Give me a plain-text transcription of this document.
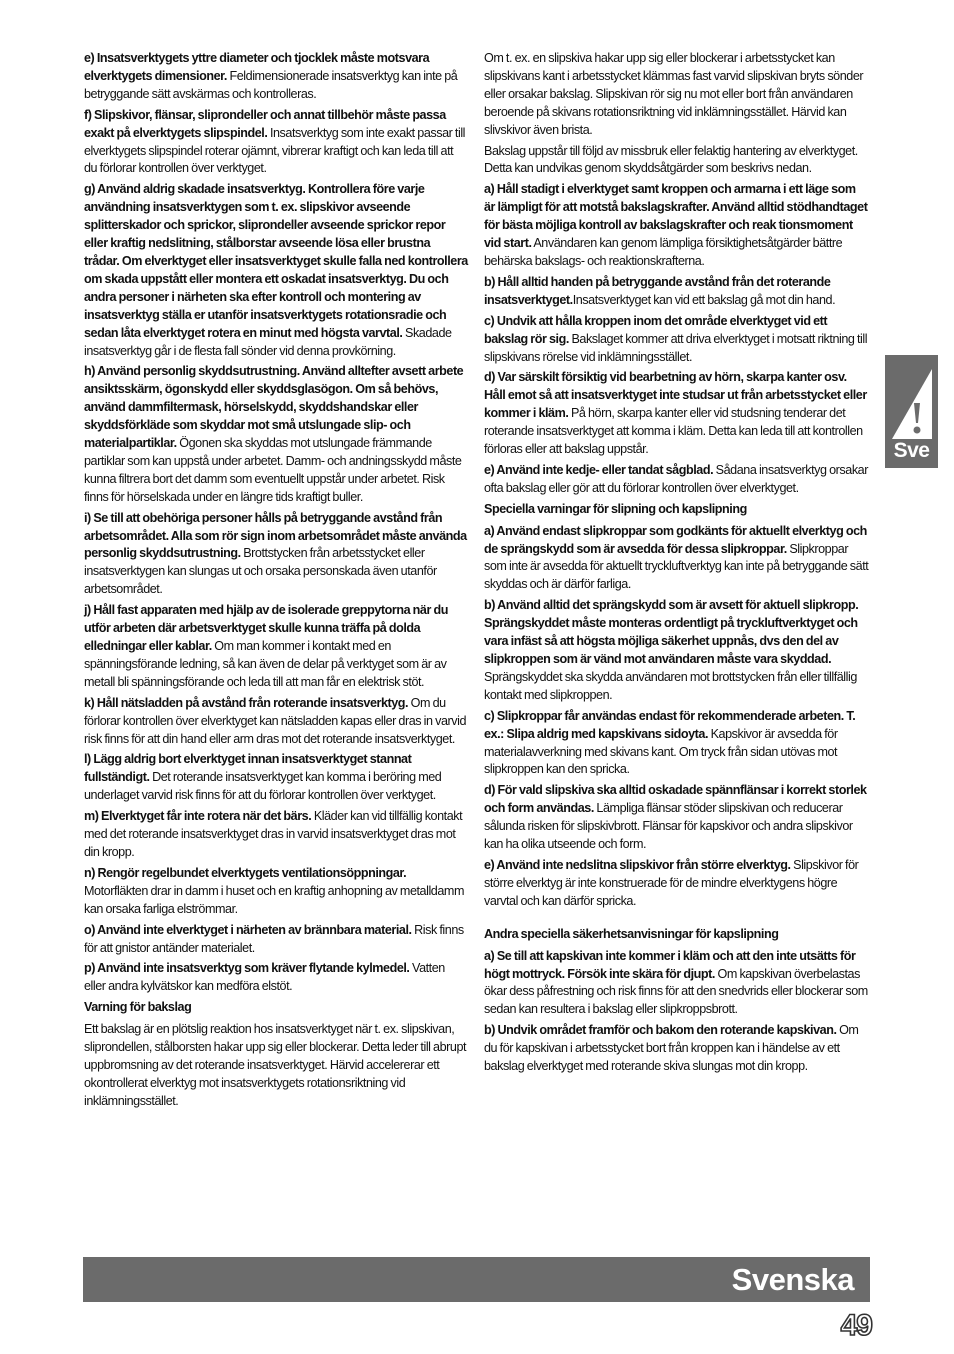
e) Insatsverktygets yttre diameter och tjocklek måste motsvara elverktygets dimensioner. Feldimensionerade insatsverktyg kan inte på betryggande sätt avskärmas och kontrolleras.
f) Slipskivor, flänsar, sliprondeller och annat tillbehör måste passa exakt på elverktygets slipspindel. Insatsverktyg som inte exakt passar till elverktygets slipspindel roterar ojämnt, vibrerar kraftigt och kan leda till att du förlorar kontrollen över verktyget.
g) Använd aldrig skadade insatsverktyg. Kontrollera före varje användning insatsverktygen som t. ex. slipskivor avseende splitterskador och sprickor, sliprondeller avseende sprickor repor eller kraftig nedslitning, stålborstar avseende lösa eller brustna trådar. Om elverktyget eller insatsverktyget skulle falla ned kontrollera om skada uppstått eller montera ett oskadat insatsverktyg. Du och andra personer i närheten ska efter kontroll och montering av insatsverktyg ställa er utanför insatsverktygets rotationsradie och sedan låta elverktyget rotera en minut med högsta varvtal. Skadade insatsverktyg går i de flesta fall sönder vid denna provkörning.
h) Använd personlig skyddsutrustning. Använd alltefter avsett arbete ansiktsskärm, ögonskydd eller skyddsglasögon. Om så behövs, använd dammfiltermask, hörselskydd, skyddshandskar eller skyddsförkläde som skyddar mot små utslungade slip- och materialpartiklar. Ögonen ska skyddas mot utslungade främmande partiklar som kan uppstå under arbetet. Damm- och andningsskydd måste kunna filtrera bort det damm som eventuellt uppstår under arbetet. Risk finns för hörselskada under en längre tids kraftigt buller.
i) Se till att obehöriga personer hålls på betryggande avstånd från arbetsområdet. Alla som rör sign inom arbetsområdet måste använda personlig skyddsutrustning. Brottstycken från arbetsstycket eller insatsverktygen kan slungas ut och orsaka personskada även utanför arbetsområdet.
j) Håll fast apparaten med hjälp av de isolerade greppytorna när du utför arbeten där arbetsverktyget skulle kunna träffa på dolda elledningar eller kablar. Om man kommer i kontakt med en spänningsförande ledning, så kan även de delar på verktyget som är av metall bli spänningsförande och leda till att man får en elektrisk stöt.
k) Håll nätsladden på avstånd från roterande insatsverktyg. Om du förlorar kontrollen över elverktyget kan nätsladden kapas eller dras in varvid risk finns för att din hand eller arm dras mot det roterande insatsverktyget.
l) Lägg aldrig bort elverktyget innan insatsverktyget stannat fullständigt. Det roterande insatsverktyget kan komma i beröring med underlaget varvid risk finns för att du förlorar kontrollen över verktyget.
m) Elverktyget får inte rotera när det bärs. Kläder kan vid tillfällig kontakt med det roterande insatsverktyget dras in varvid insatsverktyget dras mot din kropp.
n) Rengör regelbundet elverktygets ventilationsöppningar. Motorfläkten drar in damm i huset och en kraftig anhopning av metalldamm kan orsaka farliga elströmmar.
o) Använd inte elverktyget i närheten av brännbara material. Risk finns för att gnistor antänder materialet.
p) Använd inte insatsverktyg som kräver flytande kylmedel. Vatten eller andra kylvätskor kan medföra elstöt.
Varning för bakslag
Ett bakslag är en plötslig reaktion hos insatsverktyget när t. ex. slipskivan, sliprondellen, stålborsten hakar upp sig eller blockerar. Detta leder till abrupt uppbromsning av det roterande insatsverktyget. Härvid accelererar ett okontrollerat elverktyg mot insatsverktygets rotationsriktning vid inklämningsstället.
Om t. ex. en slipskiva hakar upp sig eller blockerar i arbetsstycket kan slipskivans kant i arbetsstycket klämmas fast varvid slipskivan bryts sönder eller orsakar bakslag. Slipskivan rör sig nu mot eller bort från användaren beroende på skivans rotationsriktning vid inklämningsstället. Härvid kan slivskivor även brista.
Bakslag uppstår till följd av missbruk eller felaktig hantering av elverktyget. Detta kan undvikas genom skyddsåtgärder som beskrivs nedan.
a) Håll stadigt i elverktyget samt kroppen och armarna i ett läge som är lämpligt för att motstå bakslagskrafter. Använd alltid stödhandtaget för bästa möjliga kontroll av bakslagskrafter och reak tionsmoment vid start. Användaren kan genom lämpliga försiktighetsåtgärder bättre behärska bakslags- och reaktionskrafterna.
b) Håll alltid handen på betryggande avstånd från det roterande insatsverktyget.Insatsverktyget kan vid ett bakslag gå mot din hand.
c) Undvik att hålla kroppen inom det område elverktyget vid ett bakslag rör sig. Bakslaget kommer att driva elverktyget i motsatt riktning till slipskivans rörelse vid inklämningsstället.
d) Var särskilt försiktig vid bearbetning av hörn, skarpa kanter osv. Håll emot så att insatsverktyget inte studsar ut från arbetsstycket eller kommer i kläm. På hörn, skarpa kanter eller vid studsning tenderar det roterande insatsverktyget att komma i kläm. Detta kan leda till att kontrollen förloras eller att bakslag uppstår.
e) Använd inte kedje- eller tandat sågblad. Sådana insatsverktyg orsakar ofta bakslag eller gör att du förlorar kontrollen över elverktyget.
Speciella varningar för slipning och kapslipning
a) Använd endast slipkroppar som godkänts för aktuellt elverktyg och de sprängskydd som är avsedda för dessa slipkroppar. Slipkroppar som inte är avsedda för aktuellt tryckluftverktyg kan inte på betryggande sätt skyddas och är därför farliga.
b) Använd alltid det sprängskydd som är avsett för aktuell slipkropp. Sprängskyddet måste monteras ordentligt på tryckluftverktyget och vara infäst så att högsta möjliga säkerhet uppnås, dvs den del av slipkroppen som är vänd mot användaren måste vara skyddad. Sprängskyddet ska skydda användaren mot brottstycken från eller tillfällig kontakt med slipkroppen.
c) Slipkroppar får användas endast för rekommenderade arbeten. T. ex.: Slipa aldrig med kapskivans sidoyta. Kapskivor är avsedda för materialavverkning med skivans kant. Om tryck från sidan utövas mot slipkroppen kan den spricka.
d) För vald slipskiva ska alltid oskadade spännflänsar i korrekt storlek och form användas. Lämpliga flänsar stöder slipskivan och reducerar sålunda risken för slipskivbrott. Flänsar för kapskivor och andra slipskivor kan ha olika utseende och form.
e) Använd inte nedslitna slipskivor från större elverktyg. Slipskivor för större elverktyg är inte konstruerade för de mindre elverktygens högre varvtal och kan därför spricka.
Andra speciella säkerhetsanvisningar för kapslipning
a) Se till att kapskivan inte kommer i kläm och att den inte utsätts för högt mottryck. Försök inte skära för djupt. Om kapskivan överbelastas ökar dess påfrestning och risk finns för att den snedvrids eller blockerar som sedan kan resultera i bakslag eller slipkroppsbrott.
b) Undvik området framför och bakom den roterande kapskivan. Om du för kapskivan i arbetsstycket bort från kroppen kan i händelse av ett bakslag elverktyget med roterande skiva slungas mot din kropp.
Sve
Svenska
49
